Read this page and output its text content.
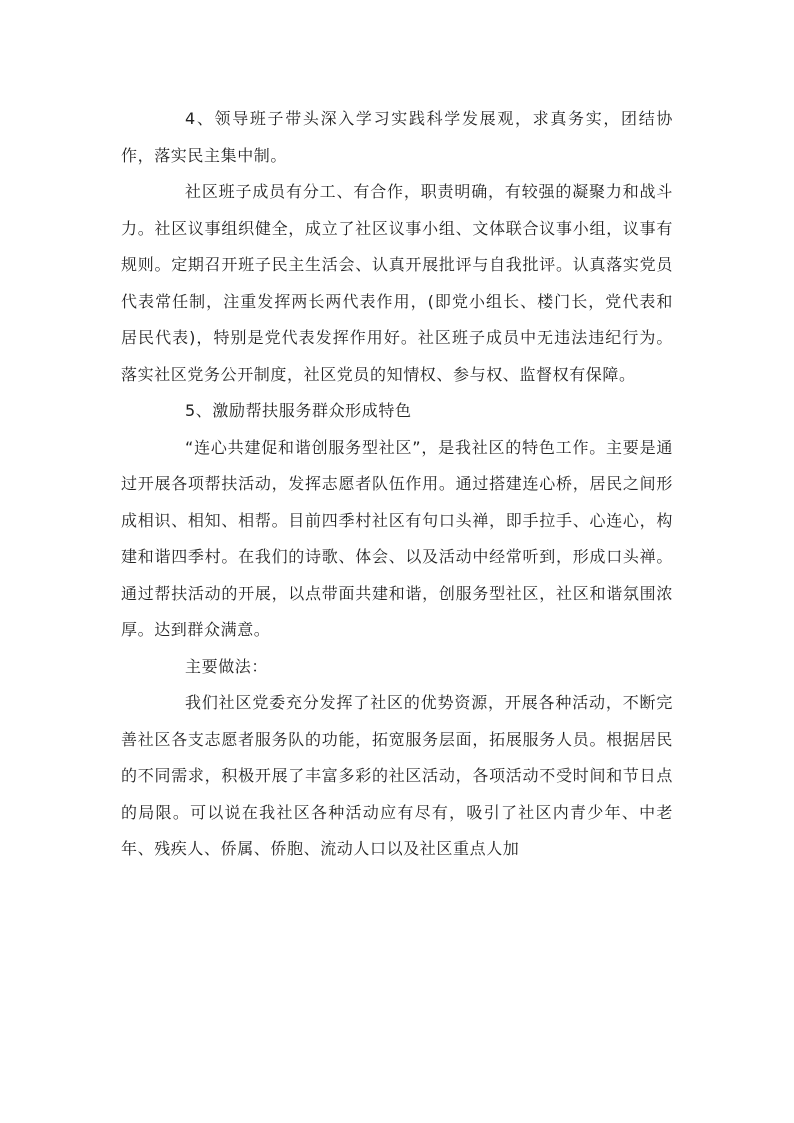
4、领导班子带头深入学习实践科学发展观，求真务实，团结协作，落实民主集中制。

社区班子成员有分工、有合作，职责明确，有较强的凝聚力和战斗力。社区议事组织健全，成立了社区议事小组、文体联合议事小组，议事有规则。定期召开班子民主生活会、认真开展批评与自我批评。认真落实党员代表常任制，注重发挥两长两代表作用，(即党小组长、楼门长，党代表和居民代表)，特别是党代表发挥作用好。社区班子成员中无违法违纪行为。落实社区党务公开制度，社区党员的知情权、参与权、监督权有保障。

5、激励帮扶服务群众形成特色

“连心共建促和谐创服务型社区”，是我社区的特色工作。主要是通过开展各项帮扶活动，发挥志愿者队伍作用。通过搭建连心桥，居民之间形成相识、相知、相帮。目前四季村社区有句口头禅，即手拉手、心连心，构建和谐四季村。在我们的诗歌、体会、以及活动中经常听到，形成口头禅。通过帮扶活动的开展，以点带面共建和谐，创服务型社区，社区和谐氛围浓厚。达到群众满意。

主要做法：

我们社区党委充分发挥了社区的优势资源，开展各种活动，不断完善社区各支志愿者服务队的功能，拓宽服务层面，拓展服务人员。根据居民的不同需求，积极开展了丰富多彩的社区活动，各项活动不受时间和节日点的局限。可以说在我社区各种活动应有尽有，吸引了社区内青少年、中老年、残疾人、侨属、侨胞、流动人口以及社区重点人加
